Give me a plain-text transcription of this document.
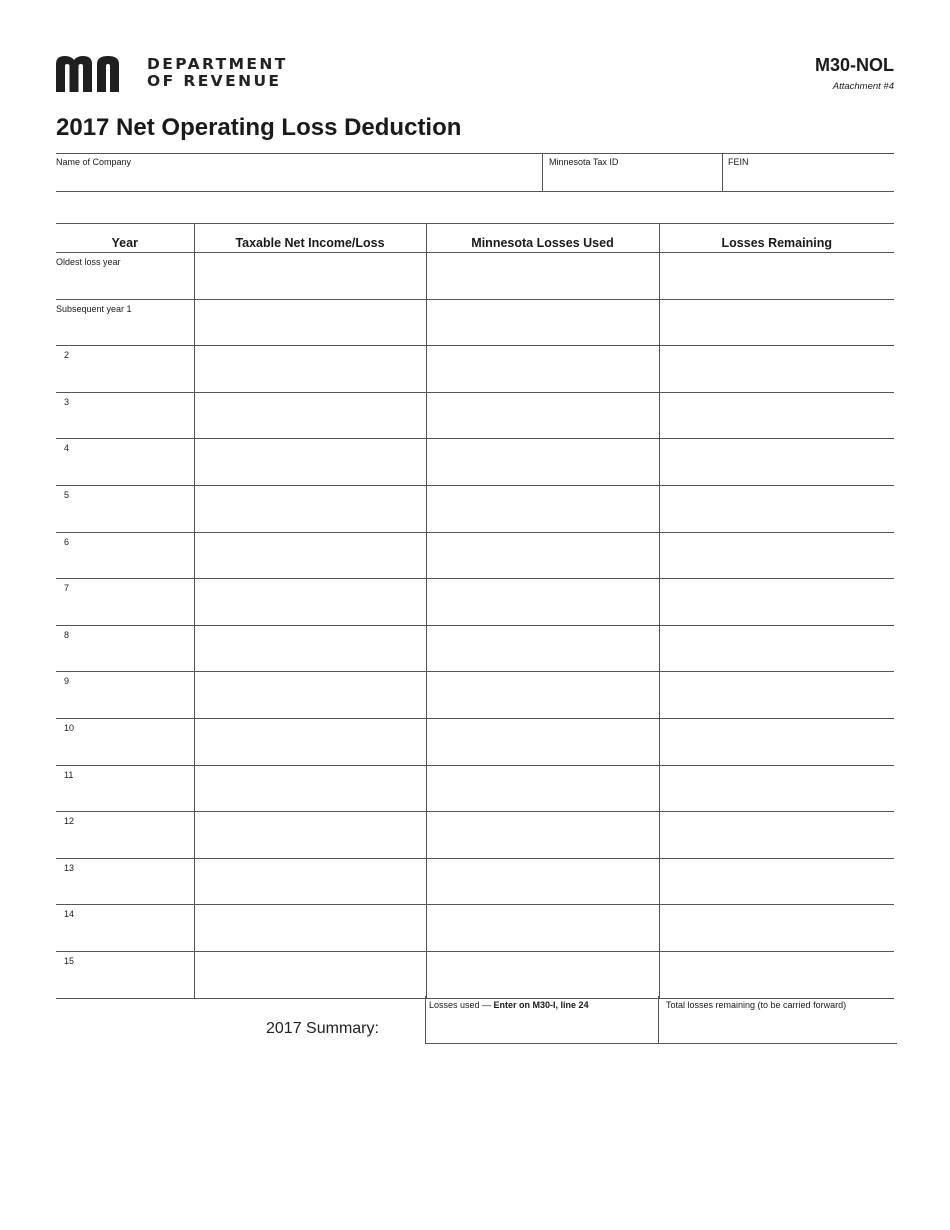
DEPARTMENT
OF REVENUE
M30-NOL
Attachment #4
2017 Net Operating Loss Deduction
Name of Company	Minnesota Tax ID	FEIN
Year	Taxable Net Income/Loss	Minnesota Losses Used	Losses Remaining
Oldest loss year			
Subsequent year 1			
2			
3			
4			
5			
6			
7			
8			
9			
10			
11			
12			
13			
14			
15			
2017 Summary:
Losses used — Enter on M30-I, line 24	Total losses remaining (to be carried forward)
